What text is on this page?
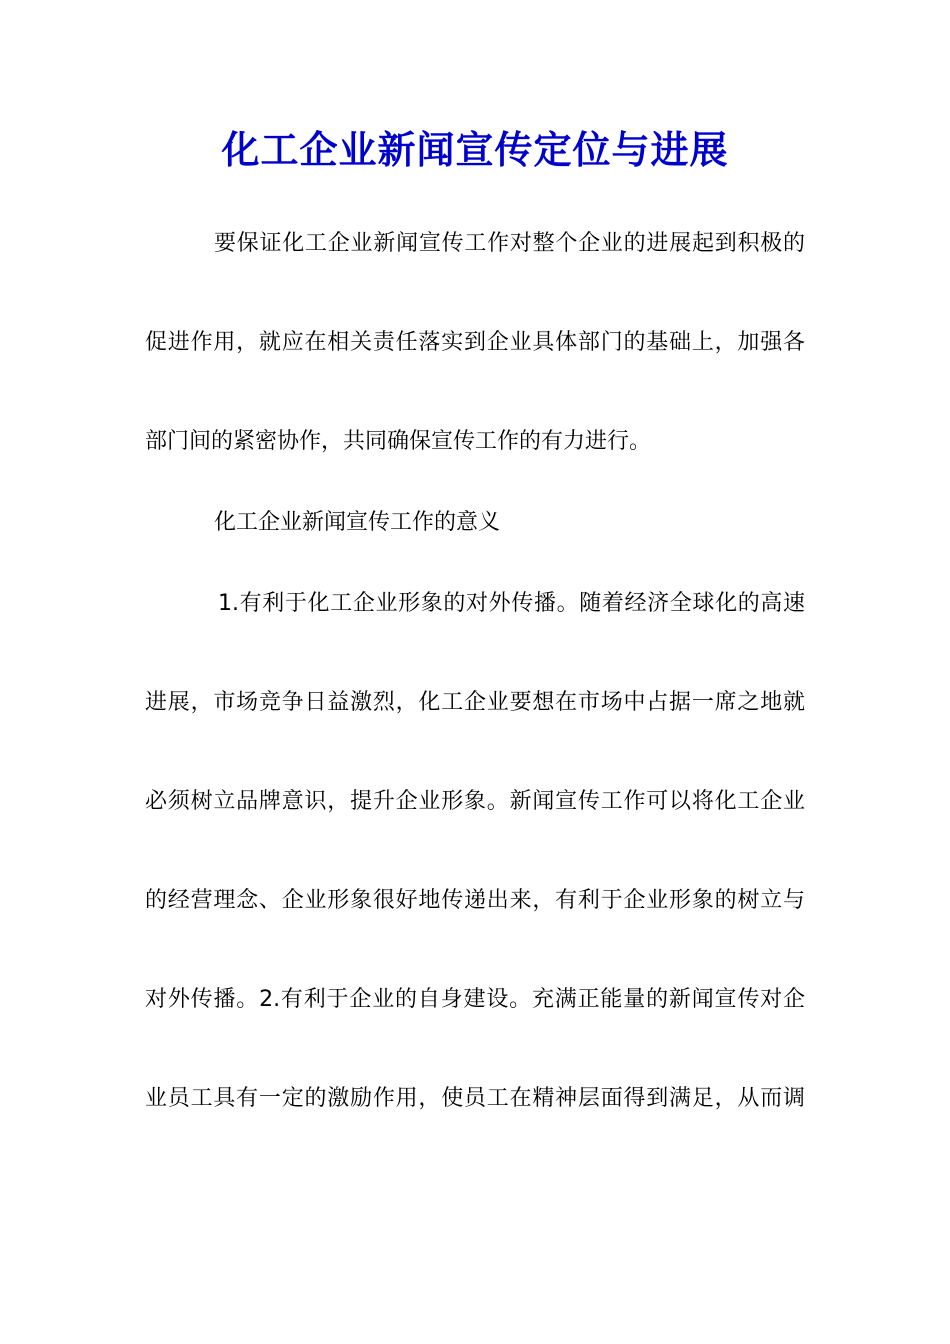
化工企业新闻宣传定位与进展

要保证化工企业新闻宣传工作对整个企业的进展起到积极的

促进作用，就应在相关责任落实到企业具体部门的基础上，加强各

部门间的紧密协作，共同确保宣传工作的有力进行。

化工企业新闻宣传工作的意义

1.有利于化工企业形象的对外传播。随着经济全球化的高速

进展，市场竞争日益激烈，化工企业要想在市场中占据一席之地就

必须树立品牌意识，提升企业形象。新闻宣传工作可以将化工企业

的经营理念、企业形象很好地传递出来，有利于企业形象的树立与

对外传播。2.有利于企业的自身建设。充满正能量的新闻宣传对企

业员工具有一定的激励作用，使员工在精神层面得到满足，从而调
